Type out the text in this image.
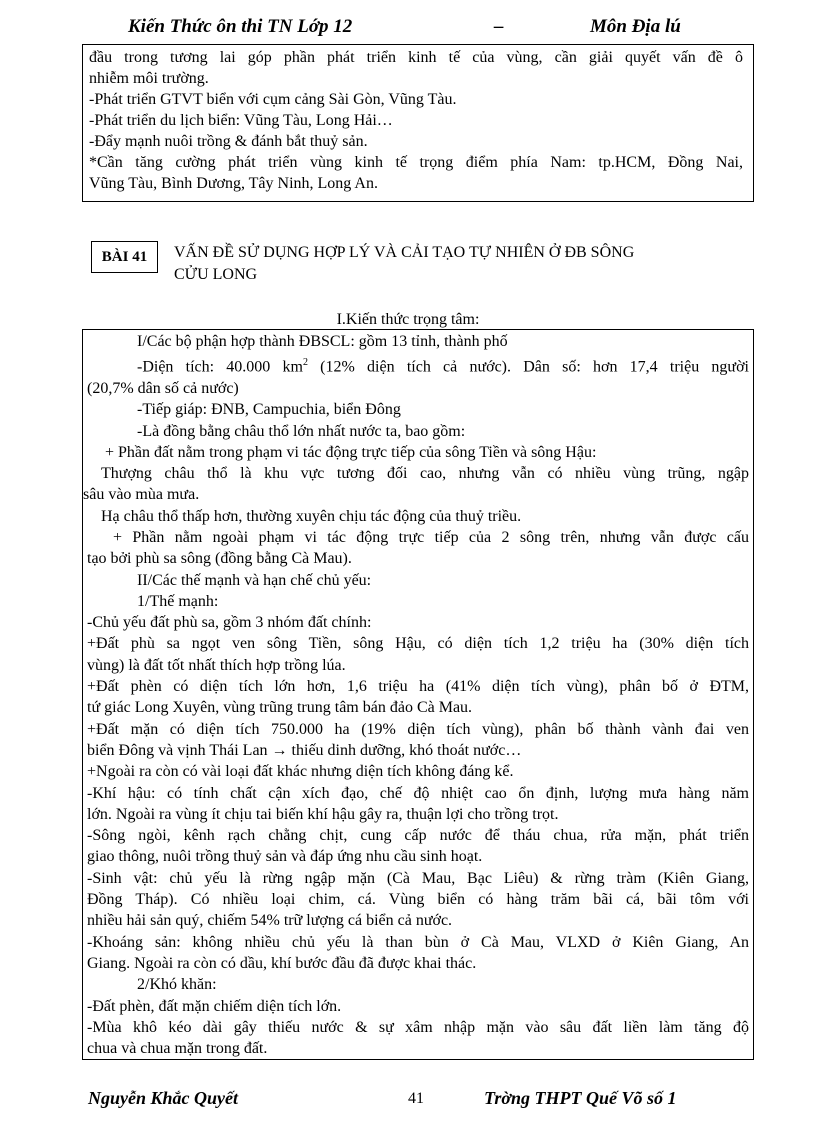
Kiến Thức ôn thi TN Lớp 12	–	Môn Địa lú
đầu trong tương lai góp phần phát triển kinh tế của vùng, cần giải quyết vấn đề ô
nhiễm môi trường.
-Phát triển GTVT biển với cụm cảng Sài Gòn, Vũng Tàu.
-Phát triển du lịch biển: Vũng Tàu, Long Hải…
-Đẩy mạnh nuôi trồng & đánh bắt thuỷ sản.
*Cần tăng cường phát triển vùng kinh tế trọng điểm phía Nam: tp.HCM, Đồng Nai,
Vũng Tàu, Bình Dương, Tây Ninh, Long An.
BÀI 41	VẤN ĐỀ SỬ DỤNG HỢP LÝ VÀ CẢI TẠO TỰ NHIÊN Ở ĐB SÔNG
CỬU LONG
I.Kiến thức trọng tâm:
I/Các bộ phận hợp thành ĐBSCL: gồm 13 tỉnh, thành phố
-Diện tích: 40.000 $km^2$ (12% diện tích cả nước). Dân số: hơn 17,4 triệu người
(20,7% dân số cả nước)
-Tiếp giáp: ĐNB, Campuchia, biển Đông
-Là đồng bằng châu thổ lớn nhất nước ta, bao gồm:
+ Phần đất nằm trong phạm vi tác động trực tiếp của sông Tiền và sông Hậu:
Thượng châu thổ là khu vực tương đối cao, nhưng vẫn có nhiều vùng trũng, ngập
sâu vào mùa mưa.
Hạ châu thổ thấp hơn, thường xuyên chịu tác động của thuỷ triều.
+ Phần nằm ngoài phạm vi tác động trực tiếp của 2 sông trên, nhưng vẫn được cấu
tạo bởi phù sa sông (đồng bằng Cà Mau).
II/Các thế mạnh và hạn chế chủ yếu:
1/Thế mạnh:
-Chủ yếu đất phù sa, gồm 3 nhóm đất chính:
+Đất phù sa ngọt ven sông Tiền, sông Hậu, có diện tích 1,2 triệu ha (30% diện tích
vùng) là đất tốt nhất thích hợp trồng lúa.
+Đất phèn có diện tích lớn hơn, 1,6 triệu ha (41% diện tích vùng), phân bố ở ĐTM,
tứ giác Long Xuyên, vùng trũng trung tâm bán đảo Cà Mau.
+Đất mặn có diện tích 750.000 ha (19% diện tích vùng), phân bố thành vành đai ven
biển Đông và vịnh Thái Lan → thiếu dinh dưỡng, khó thoát nước…
+Ngoài ra còn có vài loại đất khác nhưng diện tích không đáng kể.
-Khí hậu: có tính chất cận xích đạo, chế độ nhiệt cao ổn định, lượng mưa hàng năm
lớn. Ngoài ra vùng ít chịu tai biến khí hậu gây ra, thuận lợi cho trồng trọt.
-Sông ngòi, kênh rạch chằng chịt, cung cấp nước để tháu chua, rửa mặn, phát triển
giao thông, nuôi trồng thuỷ sản và đáp ứng nhu cầu sinh hoạt.
-Sinh vật: chủ yếu là rừng ngập mặn (Cà Mau, Bạc Liêu) & rừng tràm (Kiên Giang,
Đồng Tháp). Có nhiều loại chim, cá. Vùng biển có hàng trăm bãi cá, bãi tôm với
nhiều hải sản quý, chiếm 54% trữ lượng cá biển cả nước.
-Khoáng sản: không nhiều chủ yếu là than bùn ở Cà Mau, VLXD ở Kiên Giang, An
Giang. Ngoài ra còn có dầu, khí bước đầu đã được khai thác.
2/Khó khăn:
-Đất phèn, đất mặn chiếm diện tích lớn.
-Mùa khô kéo dài gây thiếu nước & sự xâm nhập mặn vào sâu đất liền làm tăng độ
chua và chua mặn trong đất.
Nguyễn Khắc Quyết	41	Trờng THPT Quế Võ số 1
